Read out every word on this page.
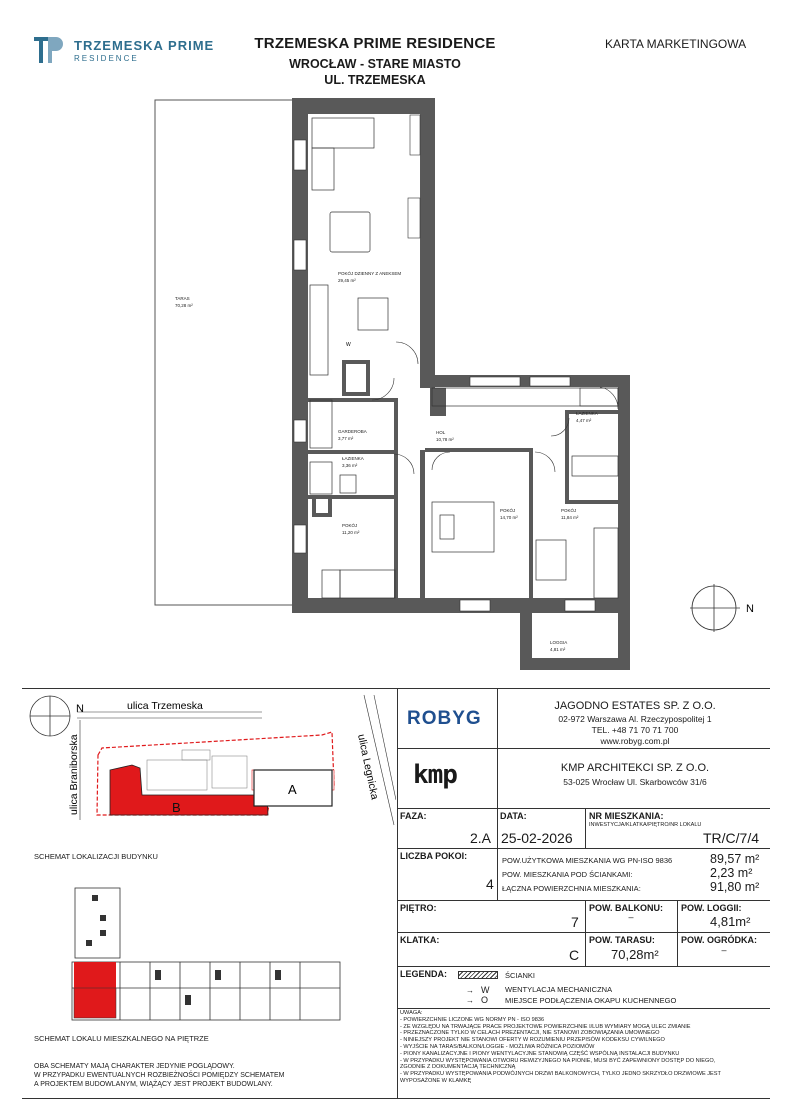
TRZEMESKA PRIME
RESIDENCE
TRZEMESKA PRIME RESIDENCE
WROCŁAW - STARE MIASTO
UL. TRZEMESKA
KARTA MARKETINGOWA
TARAS
70,28 m²
POKÓJ DZIENNY Z ANEKSEM
29,45 m²
GARDEROBA
3,77 m²
HOL
10,78 m²
ŁAZIENKA
3,36 m²
POKÓJ
11,20 m²
POKÓJ
14,70 m²
ŁAZIENKA
4,47 m²
POKÓJ
11,84 m²
LOGGIA
4,81 m²
N
W
N	ulica Trzemeska
ulica Braniborska	ulica Legnicka
A
B
SCHEMAT LOKALIZACJI BUDYNKU
SCHEMAT LOKALU MIESZKALNEGO NA PIĘTRZE
OBA SCHEMATY MAJĄ CHARAKTER JEDYNIE POGLĄDOWY.
W PRZYPADKU EWENTUALNYCH ROZBIEŻNOŚCI POMIĘDZY SCHEMATEM
A PROJEKTEM BUDOWLANYM, WIĄŻĄCY JEST PROJEKT BUDOWLANY.
ROBYG
JAGODNO ESTATES SP. Z O.O.
02-972 Warszawa Al. Rzeczypospolitej 1
TEL. +48 71 70 71 700
www.robyg.com.pl
kmp	KMP ARCHITEKCI SP. Z O.O.
53-025 Wrocław Ul. Skarbowców 31/6
FAZA:
2.A
DATA:
25-02-2026
NR MIESZKANIA:
INWESTYCJA/KLATKA/PIĘTRO/NR LOKALU
TR/C/7/4
LICZBA POKOI:
4
POW.UŻYTKOWA MIESZKANIA WG PN-ISO 9836	89,57 m²
POW. MIESZKANIA POD ŚCIANKAMI:	2,23 m²
ŁĄCZNA POWIERZCHNIA MIESZKANIA:	91,80 m²
PIĘTRO:
7
POW. BALKONU:
–
POW. LOGGII:
4,81m²
KLATKA:
C
POW. TARASU:
70,28m²
POW. OGRÓDKA:
–
LEGENDA:	ŚCIANKI
→ W WENTYLACJA MECHANICZNA
→ O MIEJSCE PODŁĄCZENIA OKAPU KUCHENNEGO
UWAGA:
- POWIERZCHNIE LICZONE WG NORMY PN - ISO 9836
- ZE WZGLĘDU NA TRWAJĄCE PRACE PROJEKTOWE POWIERZCHNIE I/LUB WYMIARY MOGĄ ULEC ZMIANIE
- PRZEZNACZONE TYLKO W CELACH PREZENTACJI, NIE STANOWI ZOBOWIĄZANIA UMOWNEGO
- NINIEJSZY PROJEKT NIE STANOWI OFERTY W ROZUMIENIU PRZEPISÓW KODEKSU CYWILNEGO
- WYJŚCIE NA TARAS/BALKON/LOGGIE - MOŻLIWA RÓŻNICA POZIOMÓW
- PIONY KANALIZACYJNE I PIONY WENTYLACYJNE STANOWIĄ CZĘŚĆ WSPÓLNĄ INSTALACJI BUDYNKU
- W PRZYPADKU WYSTĘPOWANIA OTWORU REWIZYJNEGO NA PIONIE, MUSI BYĆ ZAPEWNIONY DOSTĘP DO NIEGO,
ZGODNIE Z DOKUMENTACJĄ TECHNICZNĄ
- W PRZYPADKU WYSTĘPOWANIA PODWÓJNYCH DRZWI BALKONOWYCH, TYLKO JEDNO SKRZYDŁO DRZWIOWE JEST
WYPOSAŻONE W KLAMKĘ
